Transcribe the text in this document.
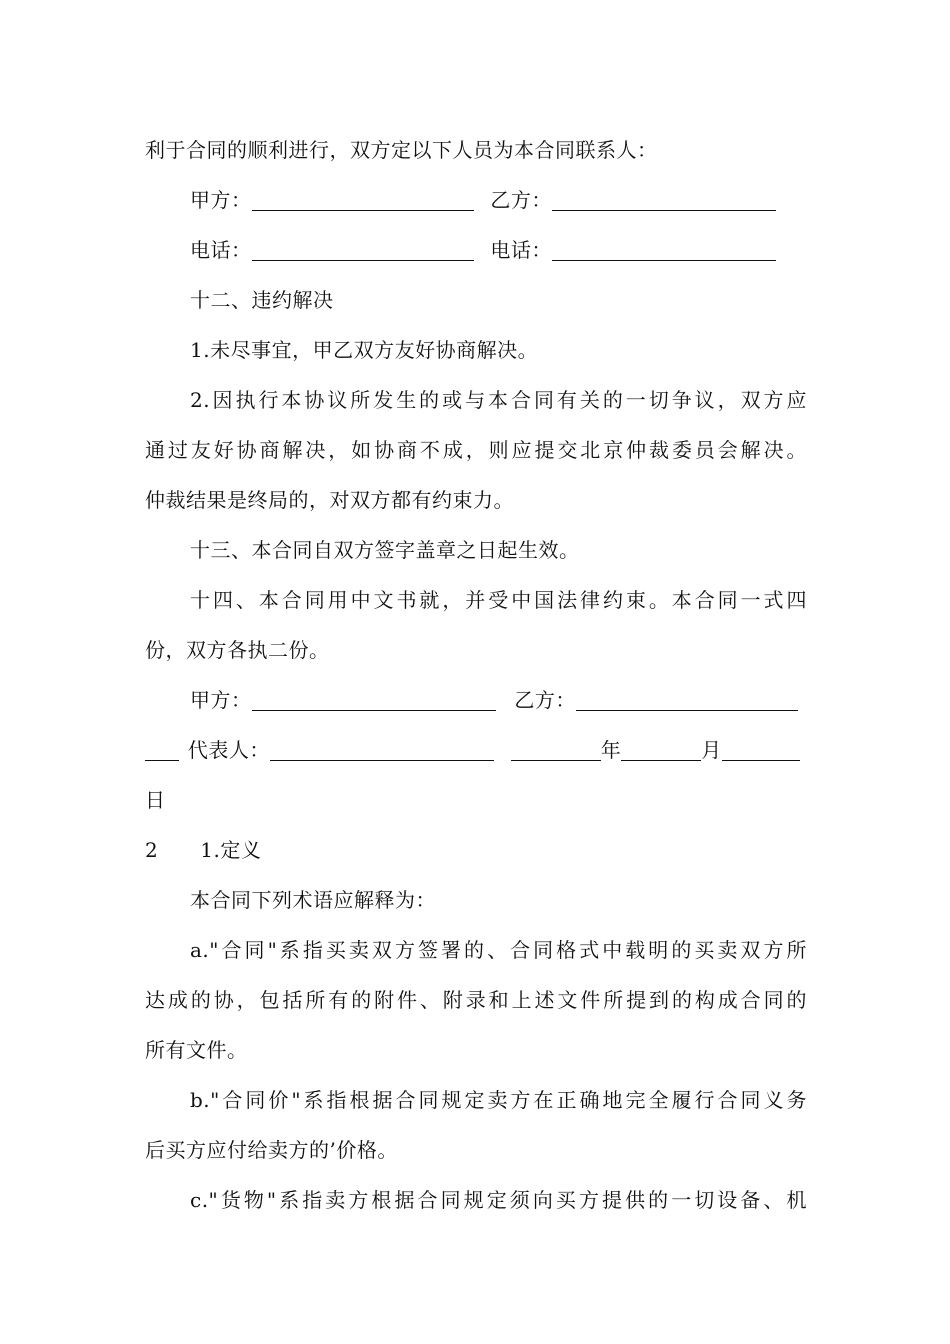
利于合同的顺利进行，双方定以下人员为本合同联系人：
甲方：	乙方：
电话：	电话：
十二、违约解决
1.未尽事宜，甲乙双方友好协商解决。
2.因执行本协议所发生的或与本合同有关的一切争议，双方应
通过友好协商解决，如协商不成，则应提交北京仲裁委员会解决。
仲裁结果是终局的，对双方都有约束力。
十三、本合同自双方签字盖章之日起生效。
十四、本合同用中文书就，并受中国法律约束。本合同一式四
份，双方各执二份。
甲方：	乙方：
代表人：	年	月
日
2 1.定义
本合同下列术语应解释为：
a."合同"系指买卖双方签署的、合同格式中载明的买卖双方所
达成的协，包括所有的附件、附录和上述文件所提到的构成合同的
所有文件。
b."合同价"系指根据合同规定卖方在正确地完全履行合同义务
后买方应付给卖方的’价格。
c."货物"系指卖方根据合同规定须向买方提供的一切设备、机
